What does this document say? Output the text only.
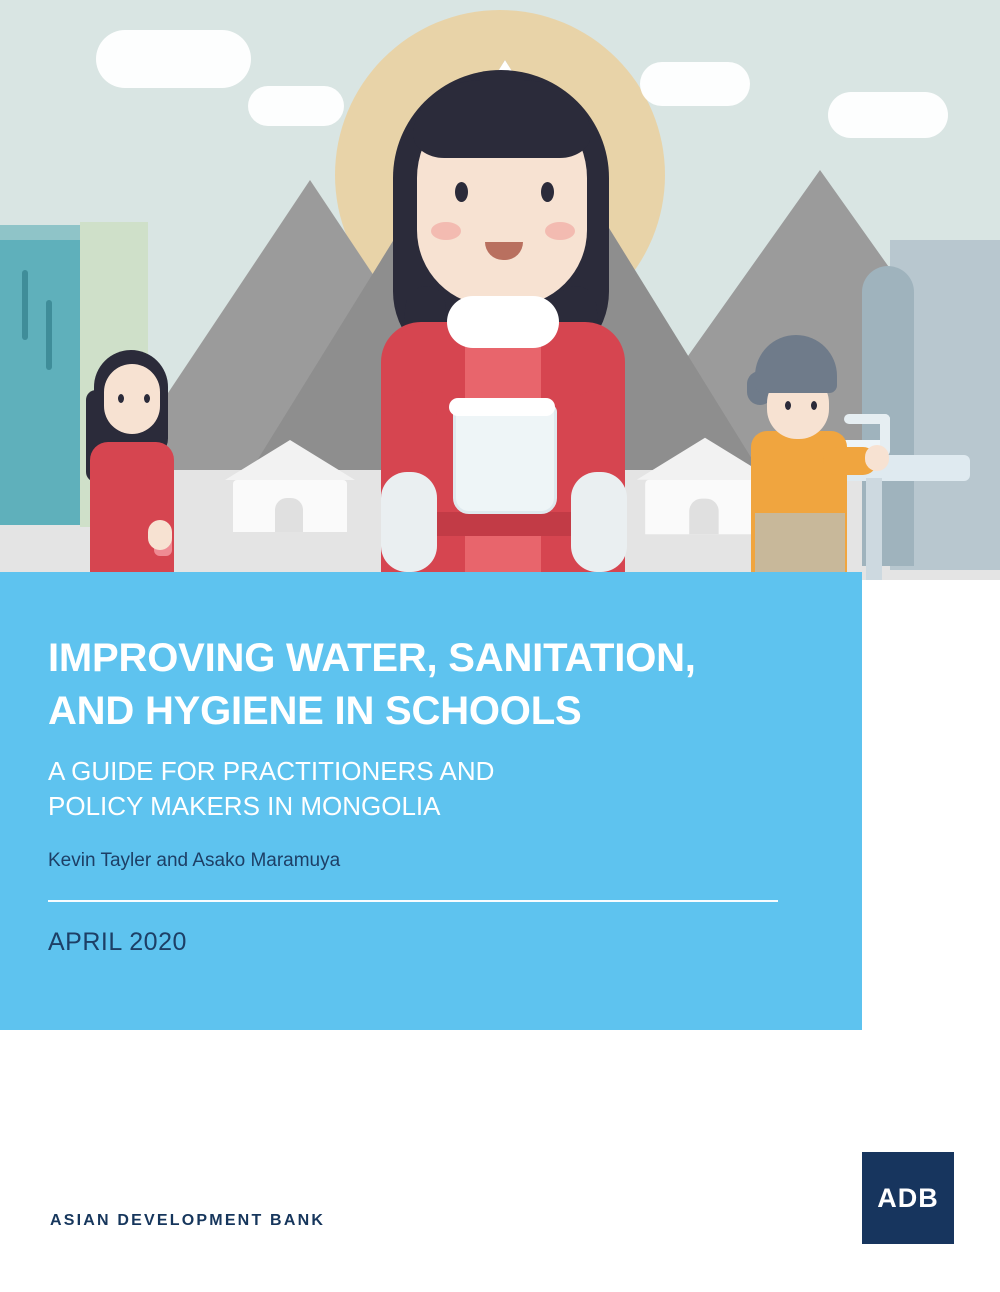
IMPROVING WATER, SANITATION,
AND HYGIENE IN SCHOOLS
A GUIDE FOR PRACTITIONERS AND
POLICY MAKERS IN MONGOLIA
Kevin Tayler and Asako Maramuya
APRIL 2020
ASIAN DEVELOPMENT BANK
ADB
